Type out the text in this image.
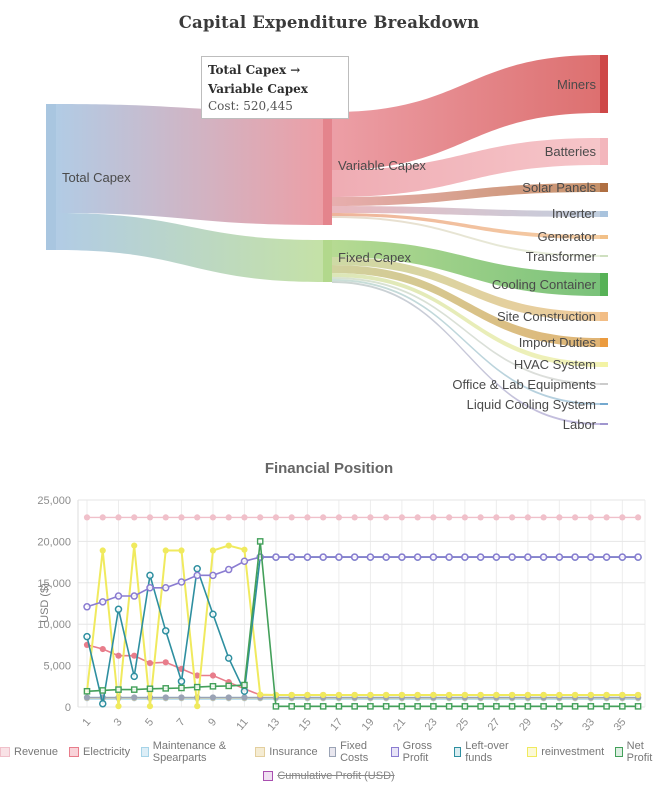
Capital Expenditure Breakdown
Total Capex
Variable Capex
Fixed Capex
Miners
Batteries
Solar Panels
Inverter
Generator
Transformer
Cooling Container
Site Construction
Import Duties
HVAC System
Office & Lab Equipments
Liquid Cooling System
Labor
Total Capex → Variable Capex
Cost: 520,445
Financial Position
USD ($)
0
5,000
10,000
15,000
20,000
25,000
1 3 5 7 9 11 13 15 17 19 21 23 25 27 29 31 33 35
Revenue Electricity Maintenance & Spearparts	Insurance Fixed Costs
Gross Profit
Left-over funds	reinvestment Net Profit
Cumulative Profit (USD)
